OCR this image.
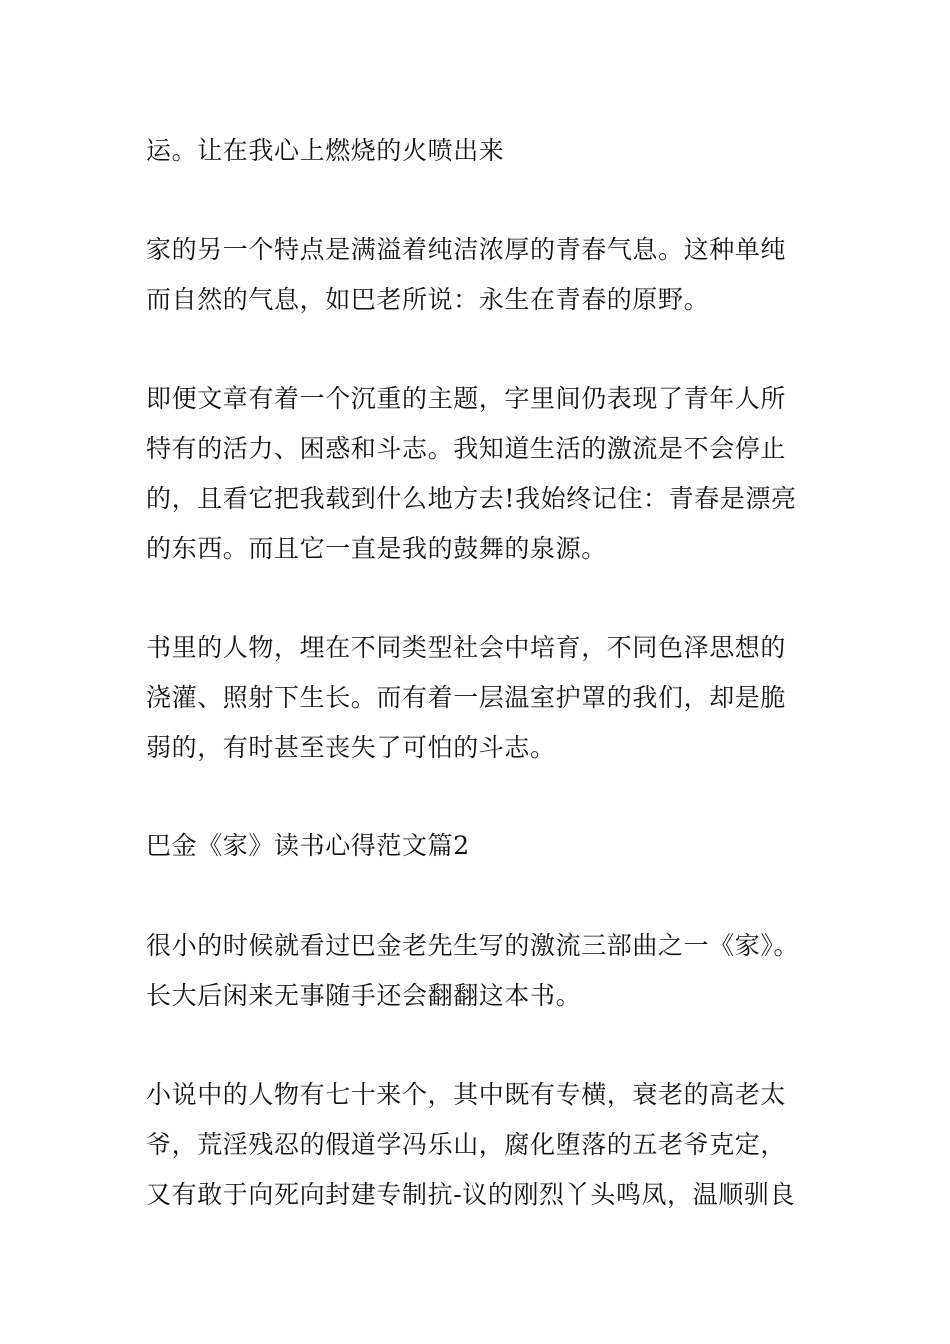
运。让在我心上燃烧的火喷出来
家的另一个特点是满溢着纯洁浓厚的青春气息。这种单纯
而自然的气息，如巴老所说：永生在青春的原野。
即便文章有着一个沉重的主题，字里间仍表现了青年人所
特有的活力、困惑和斗志。我知道生活的激流是不会停止
的，且看它把我载到什么地方去!我始终记住：青春是漂亮
的东西。而且它一直是我的鼓舞的泉源。
书里的人物，埋在不同类型社会中培育，不同色泽思想的
浇灌、照射下生长。而有着一层温室护罩的我们，却是脆
弱的，有时甚至丧失了可怕的斗志。
巴金《家》读书心得范文篇2
很小的时候就看过巴金老先生写的激流三部曲之一《家》。
长大后闲来无事随手还会翻翻这本书。
小说中的人物有七十来个，其中既有专横，衰老的高老太
爷，荒淫残忍的假道学冯乐山，腐化堕落的五老爷克定，
又有敢于向死向封建专制抗-议的刚烈丫头鸣凤，温顺驯良
